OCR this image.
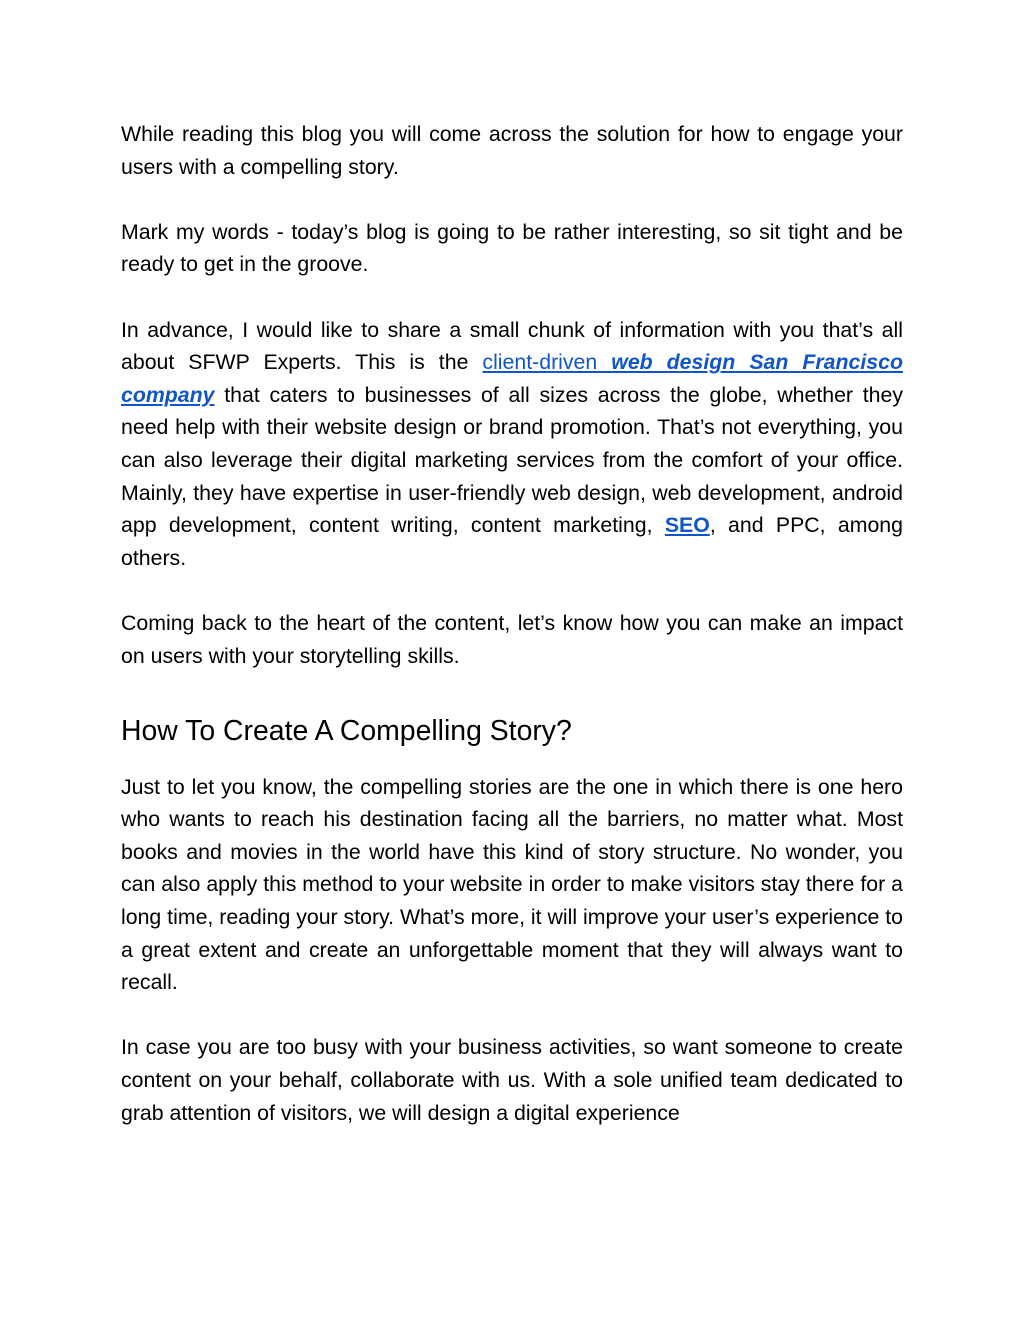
While reading this blog you will come across the solution for how to engage your users with a compelling story.

Mark my words - today’s blog is going to be rather interesting, so sit tight and be ready to get in the groove.

In advance, I would like to share a small chunk of information with you that’s all about SFWP Experts. This is the client-driven web design San Francisco company that caters to businesses of all sizes across the globe, whether they need help with their website design or brand promotion. That’s not everything, you can also leverage their digital marketing services from the comfort of your office. Mainly, they have expertise in user-friendly web design, web development, android app development, content writing, content marketing, SEO, and PPC, among others.

Coming back to the heart of the content, let’s know how you can make an impact on users with your storytelling skills.

How To Create A Compelling Story?

Just to let you know, the compelling stories are the one in which there is one hero who wants to reach his destination facing all the barriers, no matter what. Most books and movies in the world have this kind of story structure. No wonder, you can also apply this method to your website in order to make visitors stay there for a long time, reading your story. What’s more, it will improve your user’s experience to a great extent and create an unforgettable moment that they will always want to recall.

In case you are too busy with your business activities, so want someone to create content on your behalf, collaborate with us. With a sole unified team dedicated to grab attention of visitors, we will design a digital experience
